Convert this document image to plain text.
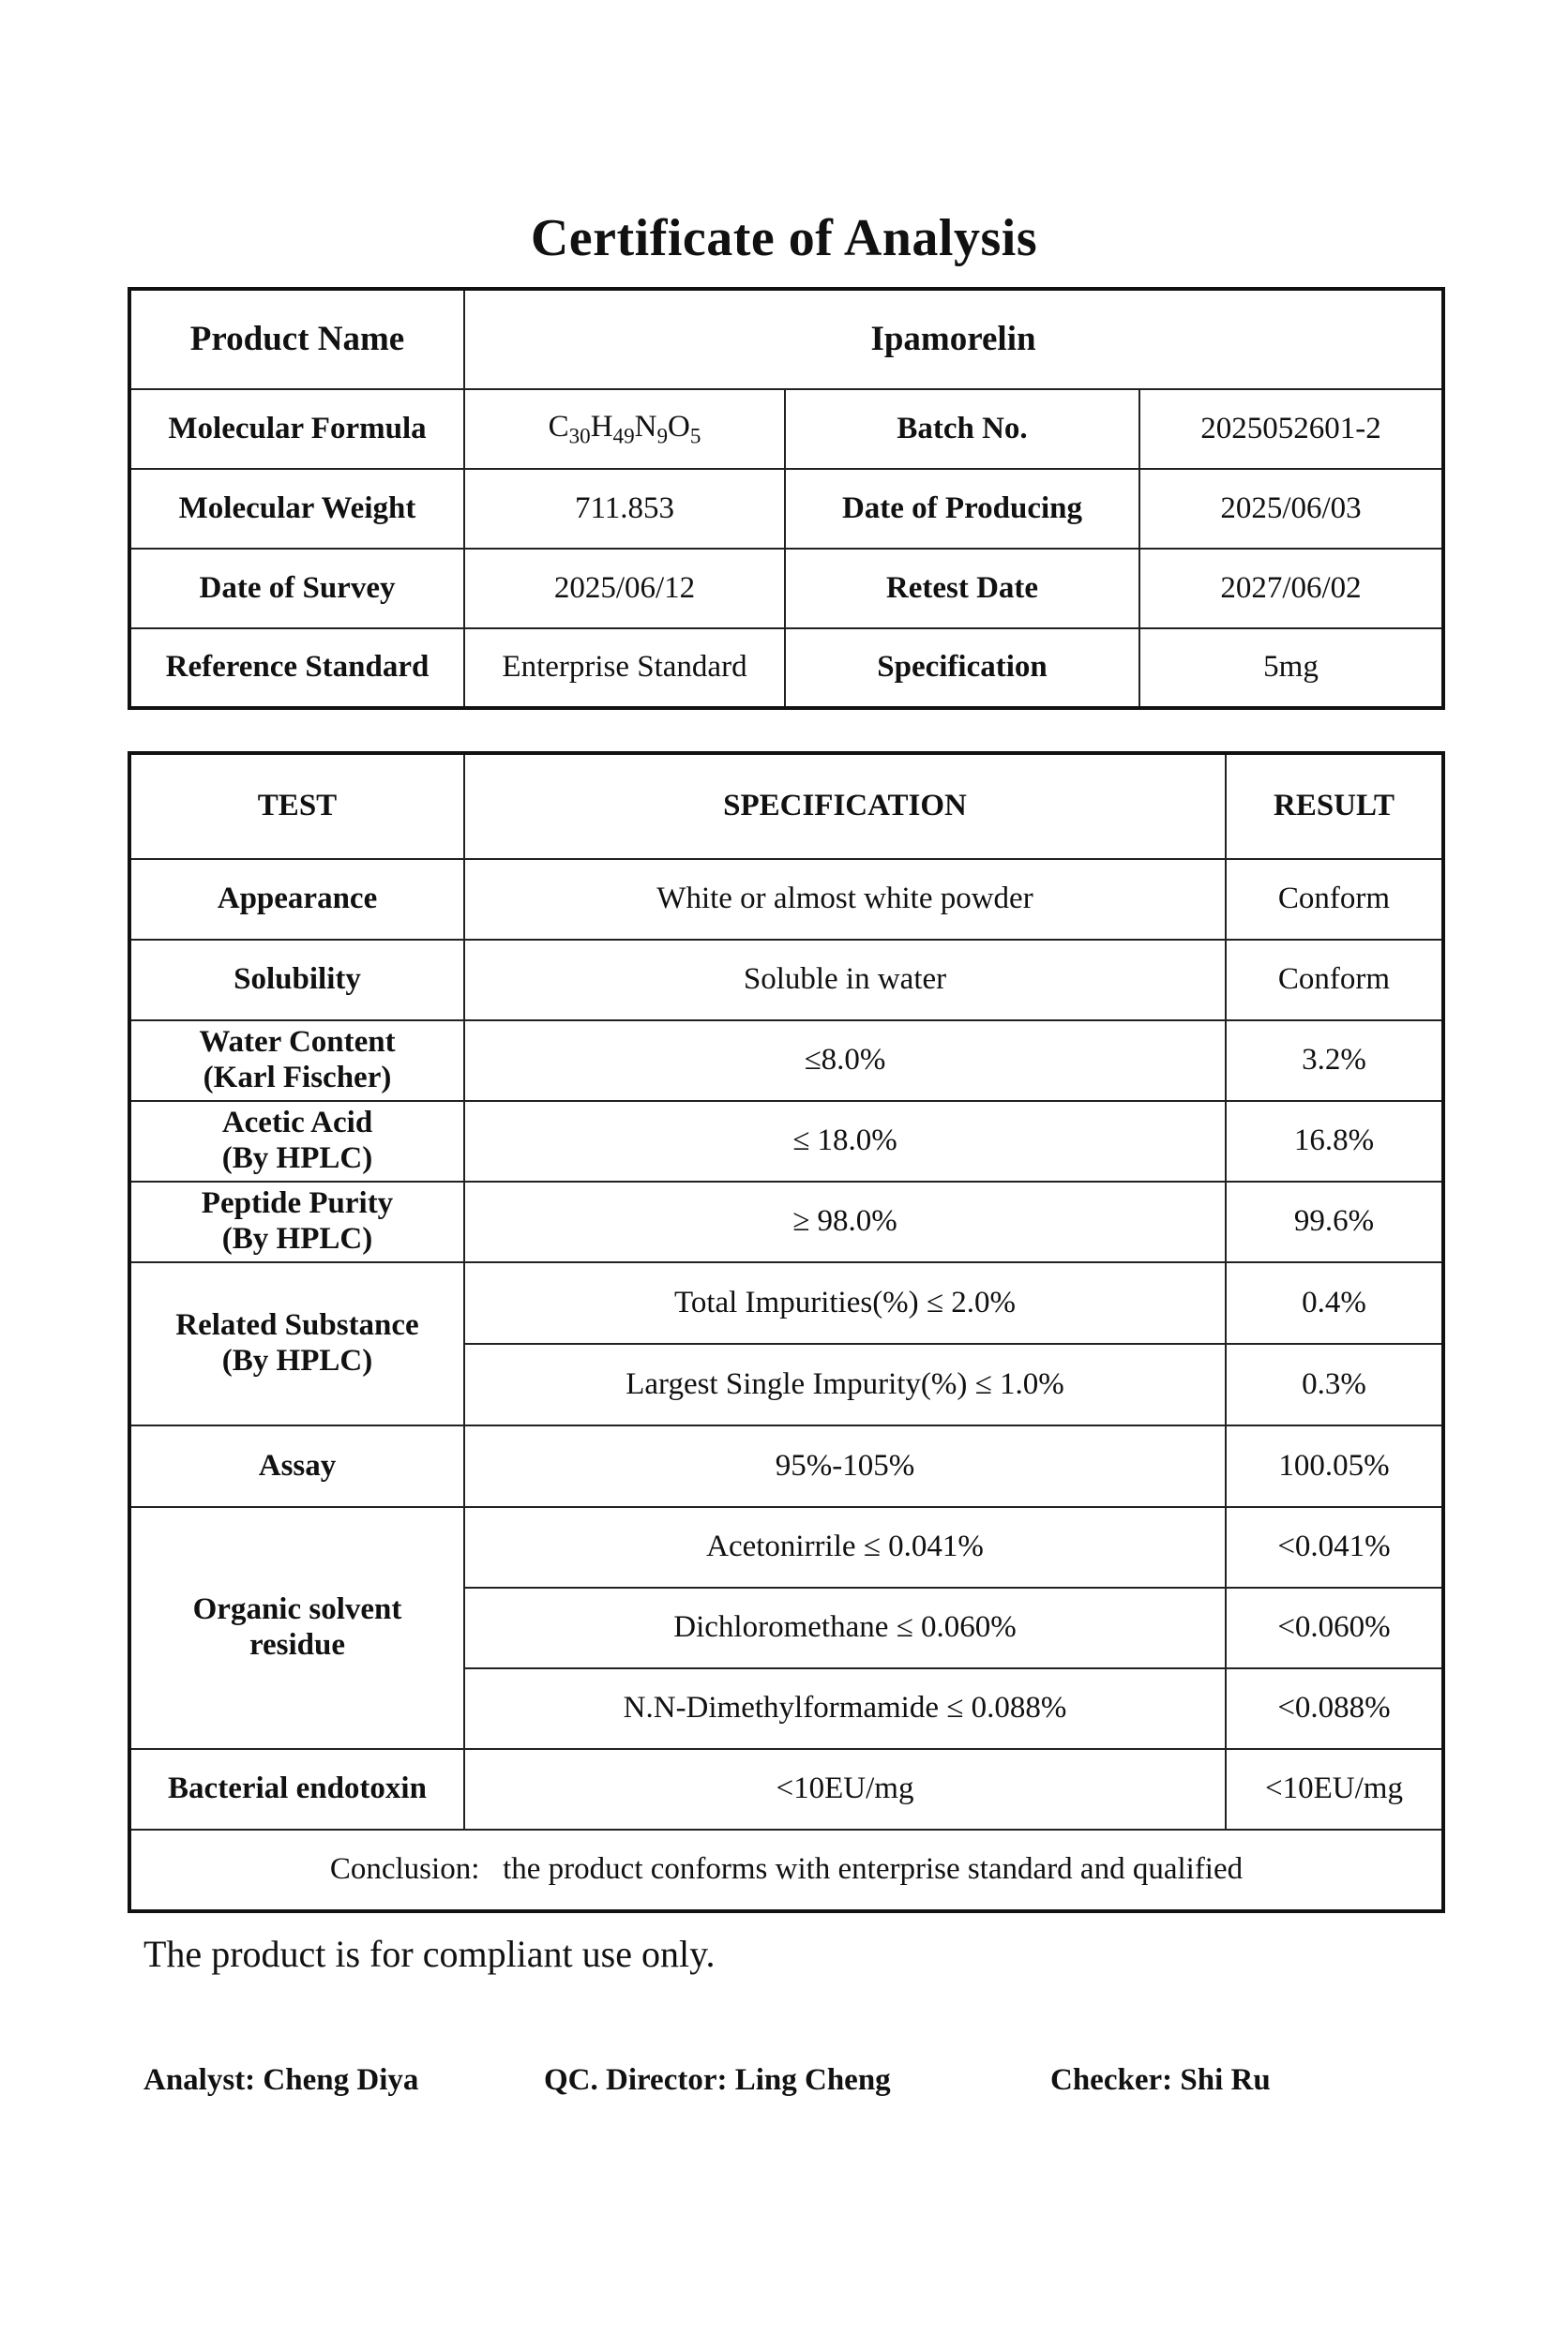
Certificate of Analysis
Product Name	Ipamorelin		
Molecular Formula	$C_{30}H_{49}N_9O_5$	Batch No.	2025052601-2
Molecular Weight	711.853	Date of Producing	2025/06/03
Date of Survey	2025/06/12	Retest Date	2027/06/02
Reference Standard	Enterprise Standard	Specification	5mg
TEST	SPECIFICATION	RESULT
Appearance	White or almost white powder	Conform
Solubility	Soluble in water	Conform

Water Content
(Karl Fischer)	≤8.0%	3.2%

Acetic Acid
(By HPLC)	≤ 18.0%	16.8%

Peptide Purity
(By HPLC)	≥ 98.0%	99.6%

Related Substance
(By HPLC)	Total Impurities(%) ≤ 2.0%	0.4%
	Largest Single Impurity(%) ≤ 1.0%	0.3%
Assay	95%-105%	100.05%

Organic solvent
residue	Acetonirrile ≤ 0.041%	<0.041%
	Dichloromethane ≤ 0.060%	<0.060%
	N.N-Dimethylformamide ≤ 0.088%	<0.088%
Bacterial endotoxin	<10EU/mg	<10EU/mg
Conclusion:   the product conforms with enterprise standard and qualified		
The product is for compliant use only.
Analyst: Cheng Diya	QC. Director: Ling Cheng	Checker: Shi Ru
